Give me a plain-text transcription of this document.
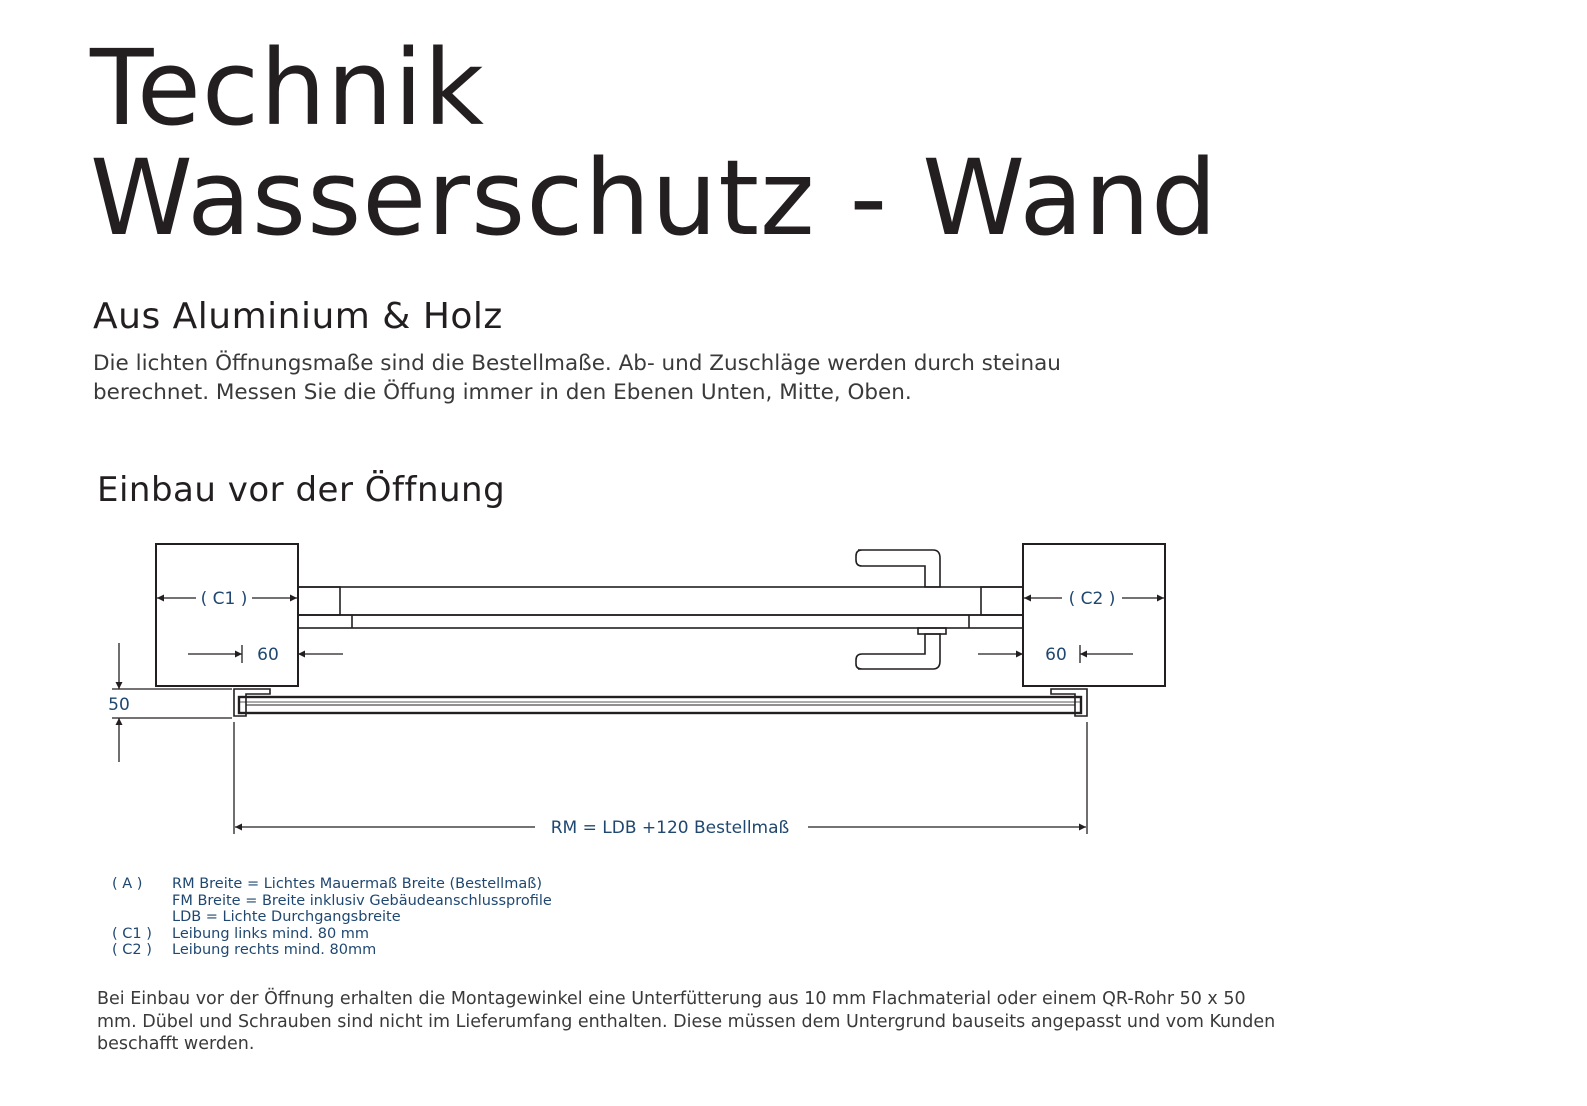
Technik
Wasserschutz - Wand
Aus Aluminium & Holz

Die lichten Öffnungsmaße sind die Bestellmaße. Ab- und Zuschläge werden durch steinau berechnet. Messen Sie die Öffung immer in den Ebenen Unten, Mitte, Oben.

Einbau vor der Öffnung
( C1 )	( C2 )
60	60
50
RM = LDB +120 Bestellmaß
( A )	RM Breite = Lichtes Mauermaß Breite (Bestellmaß)
FM Breite = Breite inklusiv Gebäudeanschlussprofile
LDB = Lichte Durchgangsbreite
( C1 )	Leibung links mind. 80 mm
( C2 )	Leibung rechts mind. 80mm

Bei Einbau vor der Öffnung erhalten die Montagewinkel eine Unterfütterung aus 10 mm Flachmaterial oder einem QR-Rohr 50 x 50 mm. Dübel und Schrauben sind nicht im Lieferumfang enthalten. Diese müssen dem Untergrund bauseits angepasst und vom Kunden beschafft werden.
